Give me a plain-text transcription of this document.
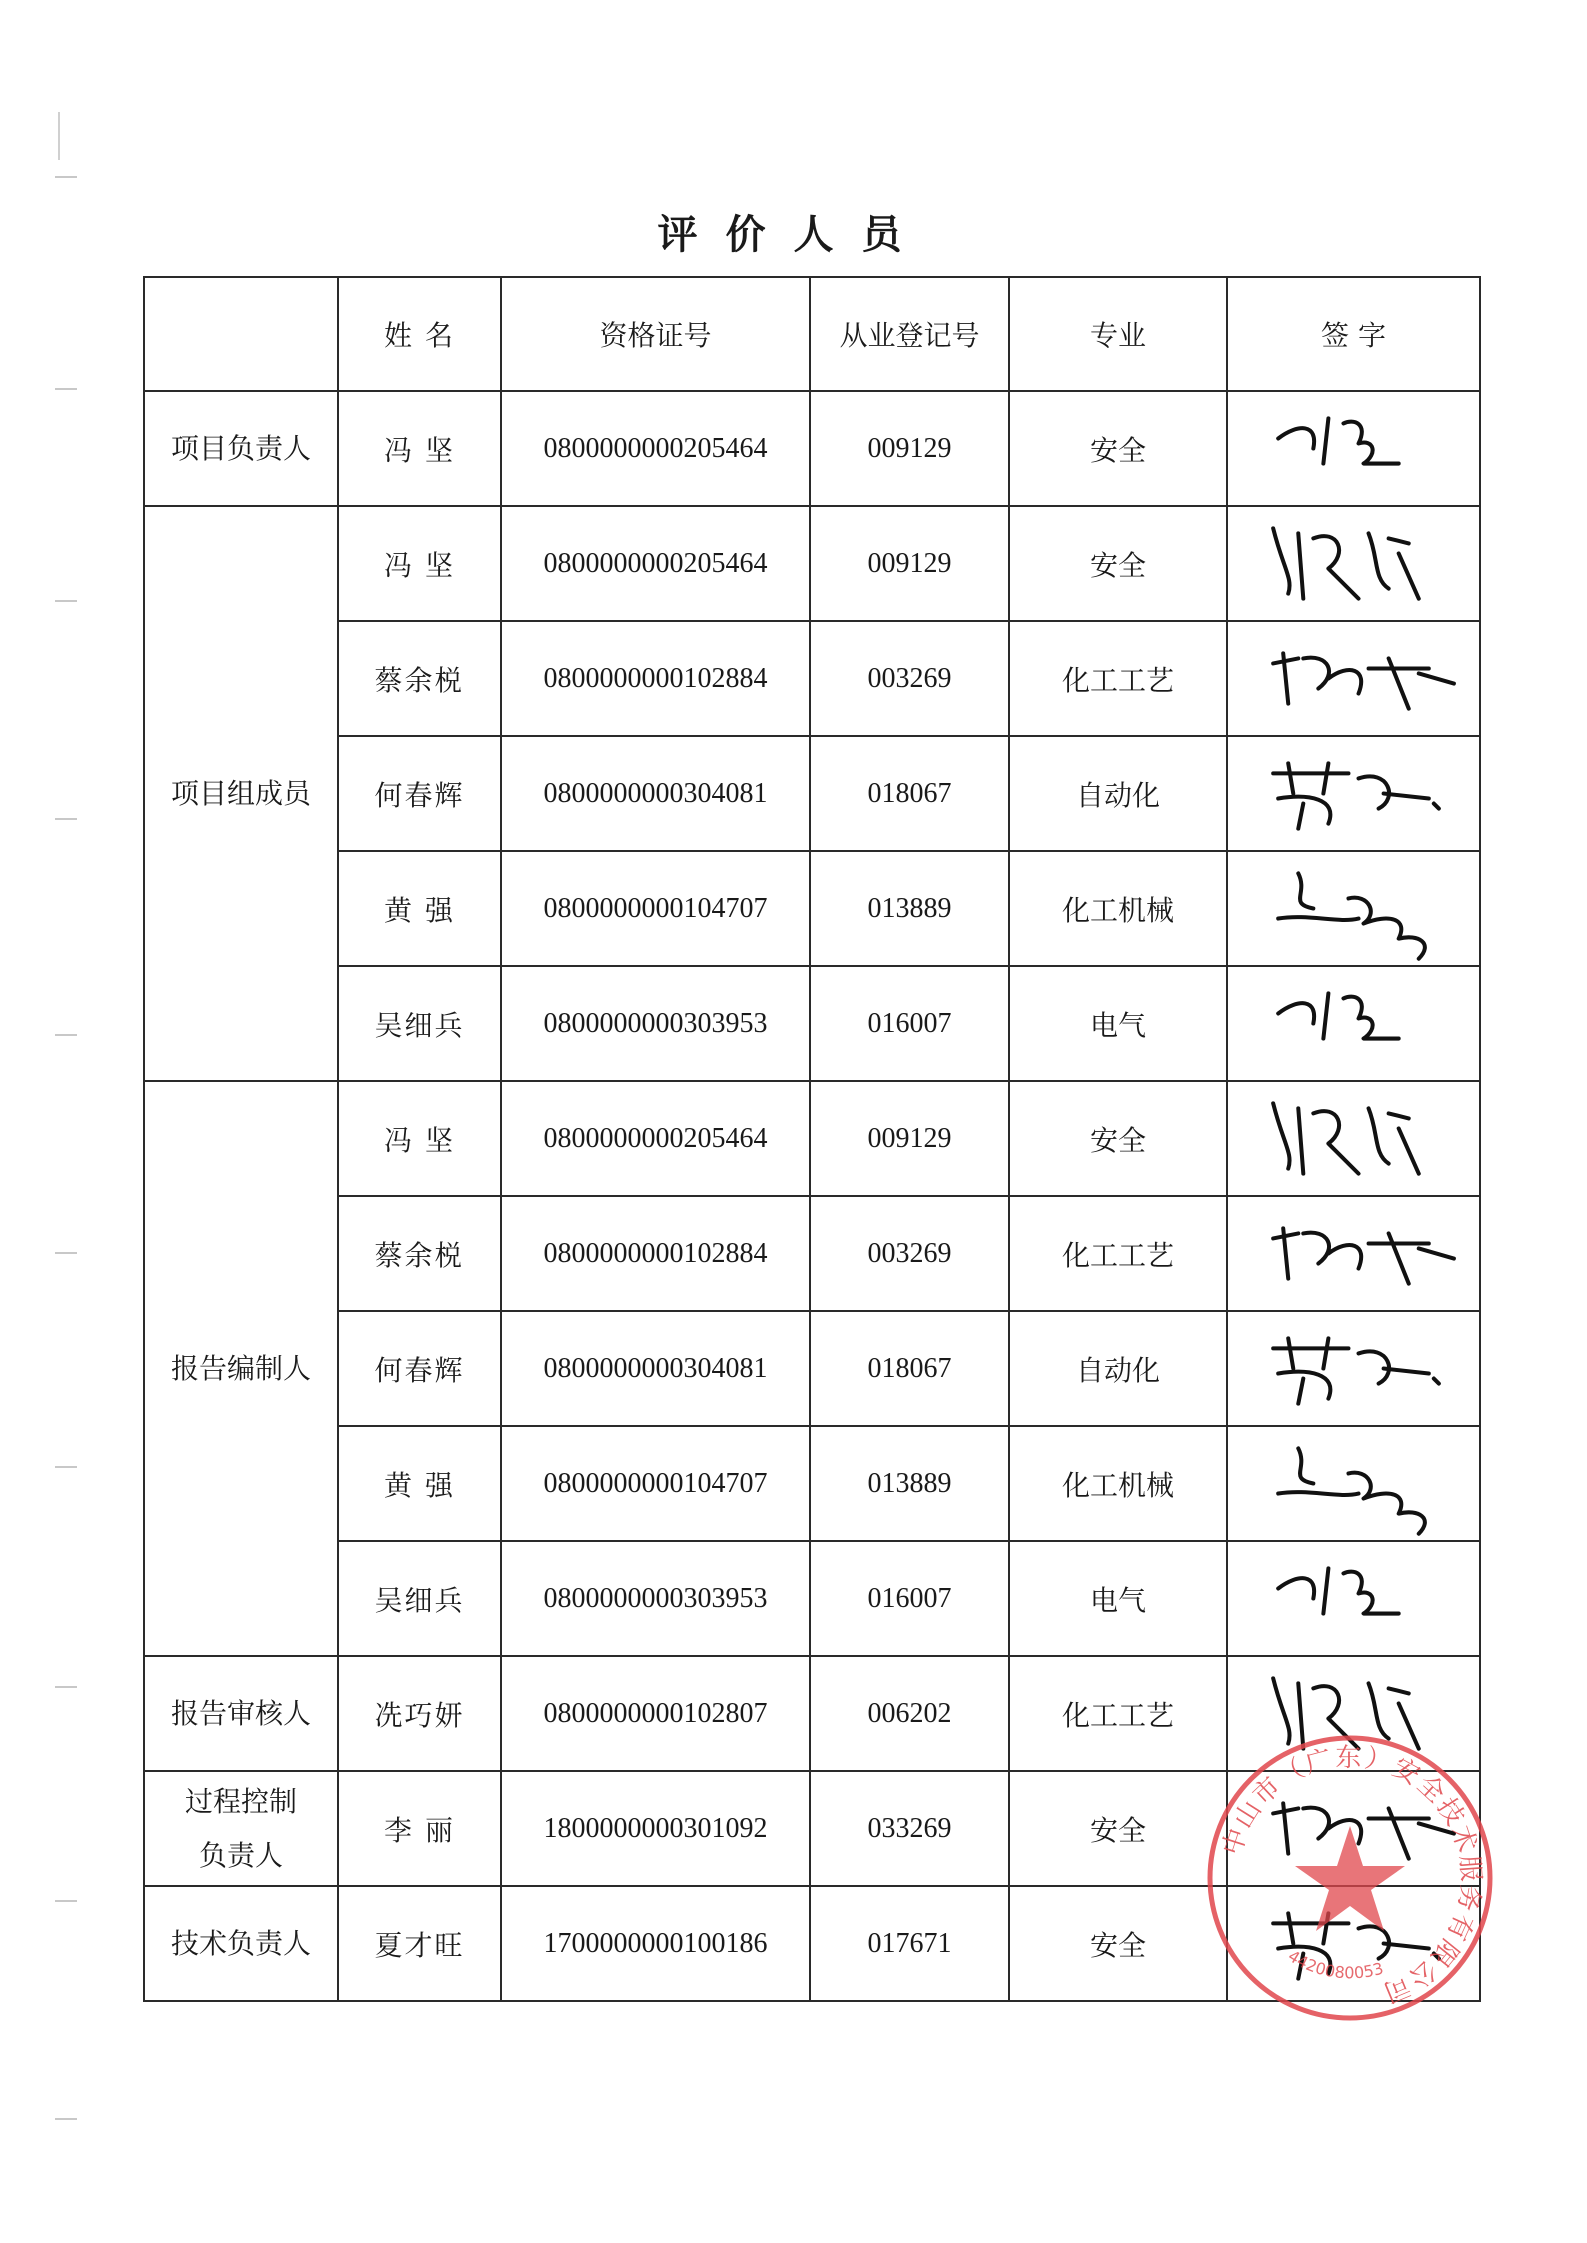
评价人员
	姓 名	资格证号	从业登记号	专业	签 字
项目负责人	冯 坚	0800000000205464	009129	安全	

项目组成员	冯 坚	0800000000205464	009129	安全	

	蔡余棁	0800000000102884	003269	化工工艺	

	何春辉	0800000000304081	018067	自动化	

	黄 强	0800000000104707	013889	化工机械	

	吴细兵	0800000000303953	016007	电气	

报告编制人	冯 坚	0800000000205464	009129	安全	

	蔡余棁	0800000000102884	003269	化工工艺	

	何春辉	0800000000304081	018067	自动化	

	黄 强	0800000000104707	013889	化工机械	

	吴细兵	0800000000303953	016007	电气	

报告审核人	冼巧妍	0800000000102807	006202	化工工艺	

过程控制
负责人	李 丽	1800000000301092	033269	安全	

技术负责人	夏才旺	1700000000100186	017671	安全	
中山市（广东）安全技术服务有限公司
4420080053
